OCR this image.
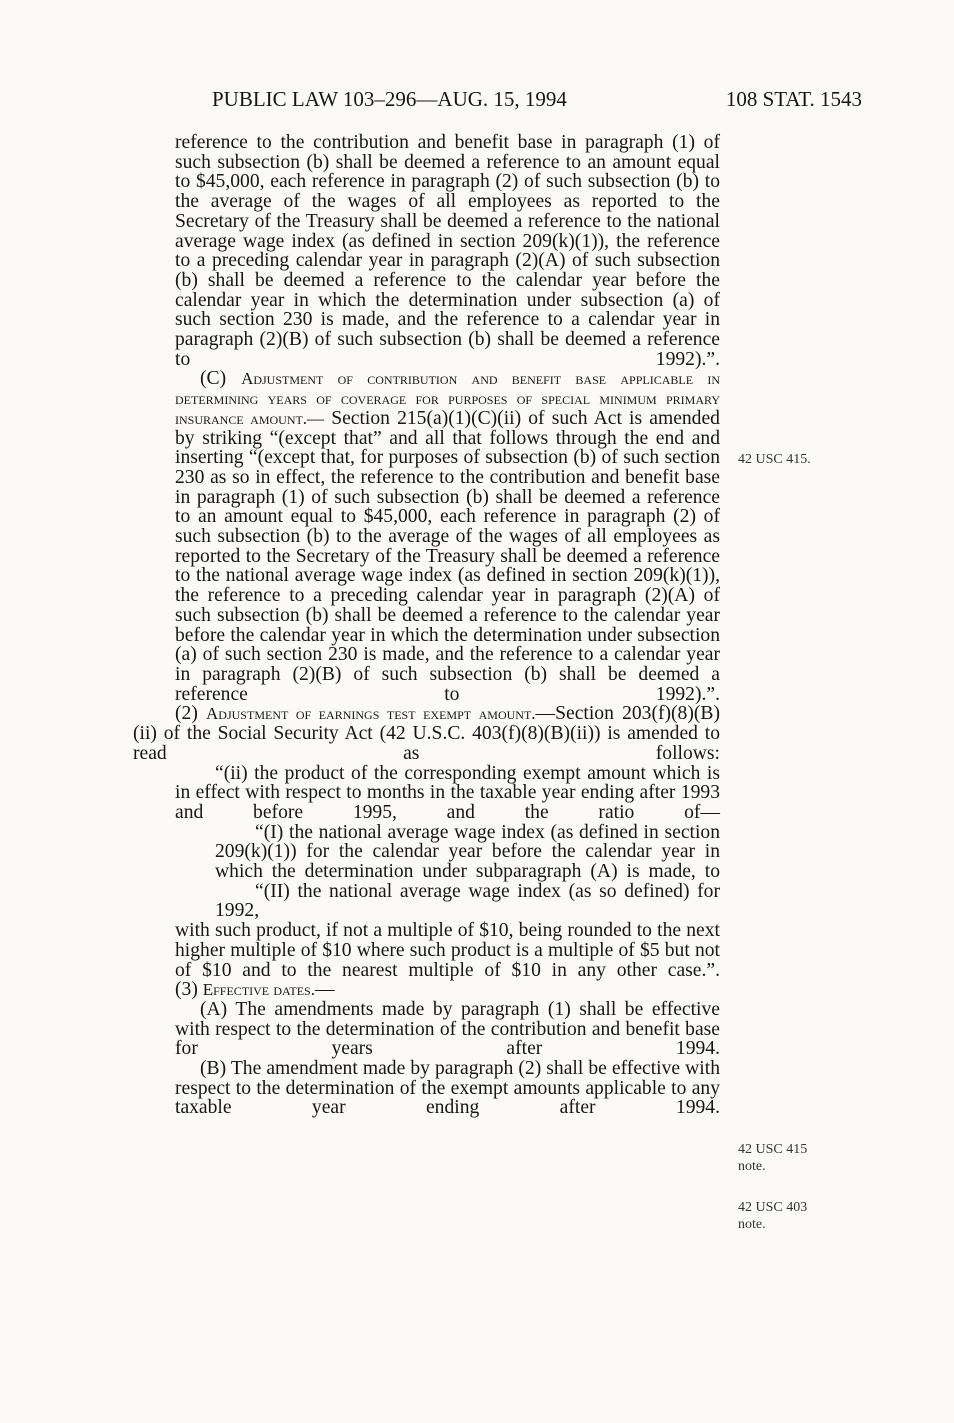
PUBLIC LAW 103–296—AUG. 15, 1994	108 STAT. 1543

reference to the contribution and benefit base in paragraph (1) of such subsection (b) shall be deemed a reference to an amount equal to $45,000, each reference in paragraph (2) of such subsection (b) to the average of the wages of all employees as reported to the Secretary of the Treasury shall be deemed a reference to the national average wage index (as defined in section 209(k)(1)), the reference to a preceding calendar year in paragraph (2)(A) of such subsection (b) shall be deemed a reference to the calendar year before the calendar year in which the determination under subsection (a) of such section 230 is made, and the reference to a calendar year in paragraph (2)(B) of such subsection (b) shall be deemed a reference to 1992).”.

(C) Adjustment of contribution and benefit base applicable in determining years of coverage for purposes of special minimum primary insurance amount.— Section 215(a)(1)(C)(ii) of such Act is amended by striking “(except that” and all that follows through the end and inserting “(except that, for purposes of subsection (b) of such section 230 as so in effect, the reference to the contribution and benefit base in paragraph (1) of such subsection (b) shall be deemed a reference to an amount equal to $45,000, each reference in paragraph (2) of such subsection (b) to the average of the wages of all employees as reported to the Secretary of the Treasury shall be deemed a reference to the national average wage index (as defined in section 209(k)(1)), the reference to a preceding calendar year in paragraph (2)(A) of such subsection (b) shall be deemed a reference to the calendar year before the calendar year in which the determination under subsection (a) of such section 230 is made, and the reference to a calendar year in paragraph (2)(B) of such subsection (b) shall be deemed a reference to 1992).”.

(2) Adjustment of earnings test exempt amount.—Section 203(f)(8)(B)(ii) of the Social Security Act (42 U.S.C. 403(f)(8)(B)(ii)) is amended to read as follows:

“(ii) the product of the corresponding exempt amount which is in effect with respect to months in the taxable year ending after 1993 and before 1995, and the ratio of—

“(I) the national average wage index (as defined in section 209(k)(1)) for the calendar year before the calendar year in which the determination under subparagraph (A) is made, to

“(II) the national average wage index (as so defined) for 1992,

with such product, if not a multiple of $10, being rounded to the next higher multiple of $10 where such product is a multiple of $5 but not of $10 and to the nearest multiple of $10 in any other case.”.

(3) Effective dates.—

(A) The amendments made by paragraph (1) shall be effective with respect to the determination of the contribution and benefit base for years after 1994.

(B) The amendment made by paragraph (2) shall be effective with respect to the determination of the exempt amounts applicable to any taxable year ending after 1994.

42 USC 415.
42 USC 415
note.
42 USC 403
note.
